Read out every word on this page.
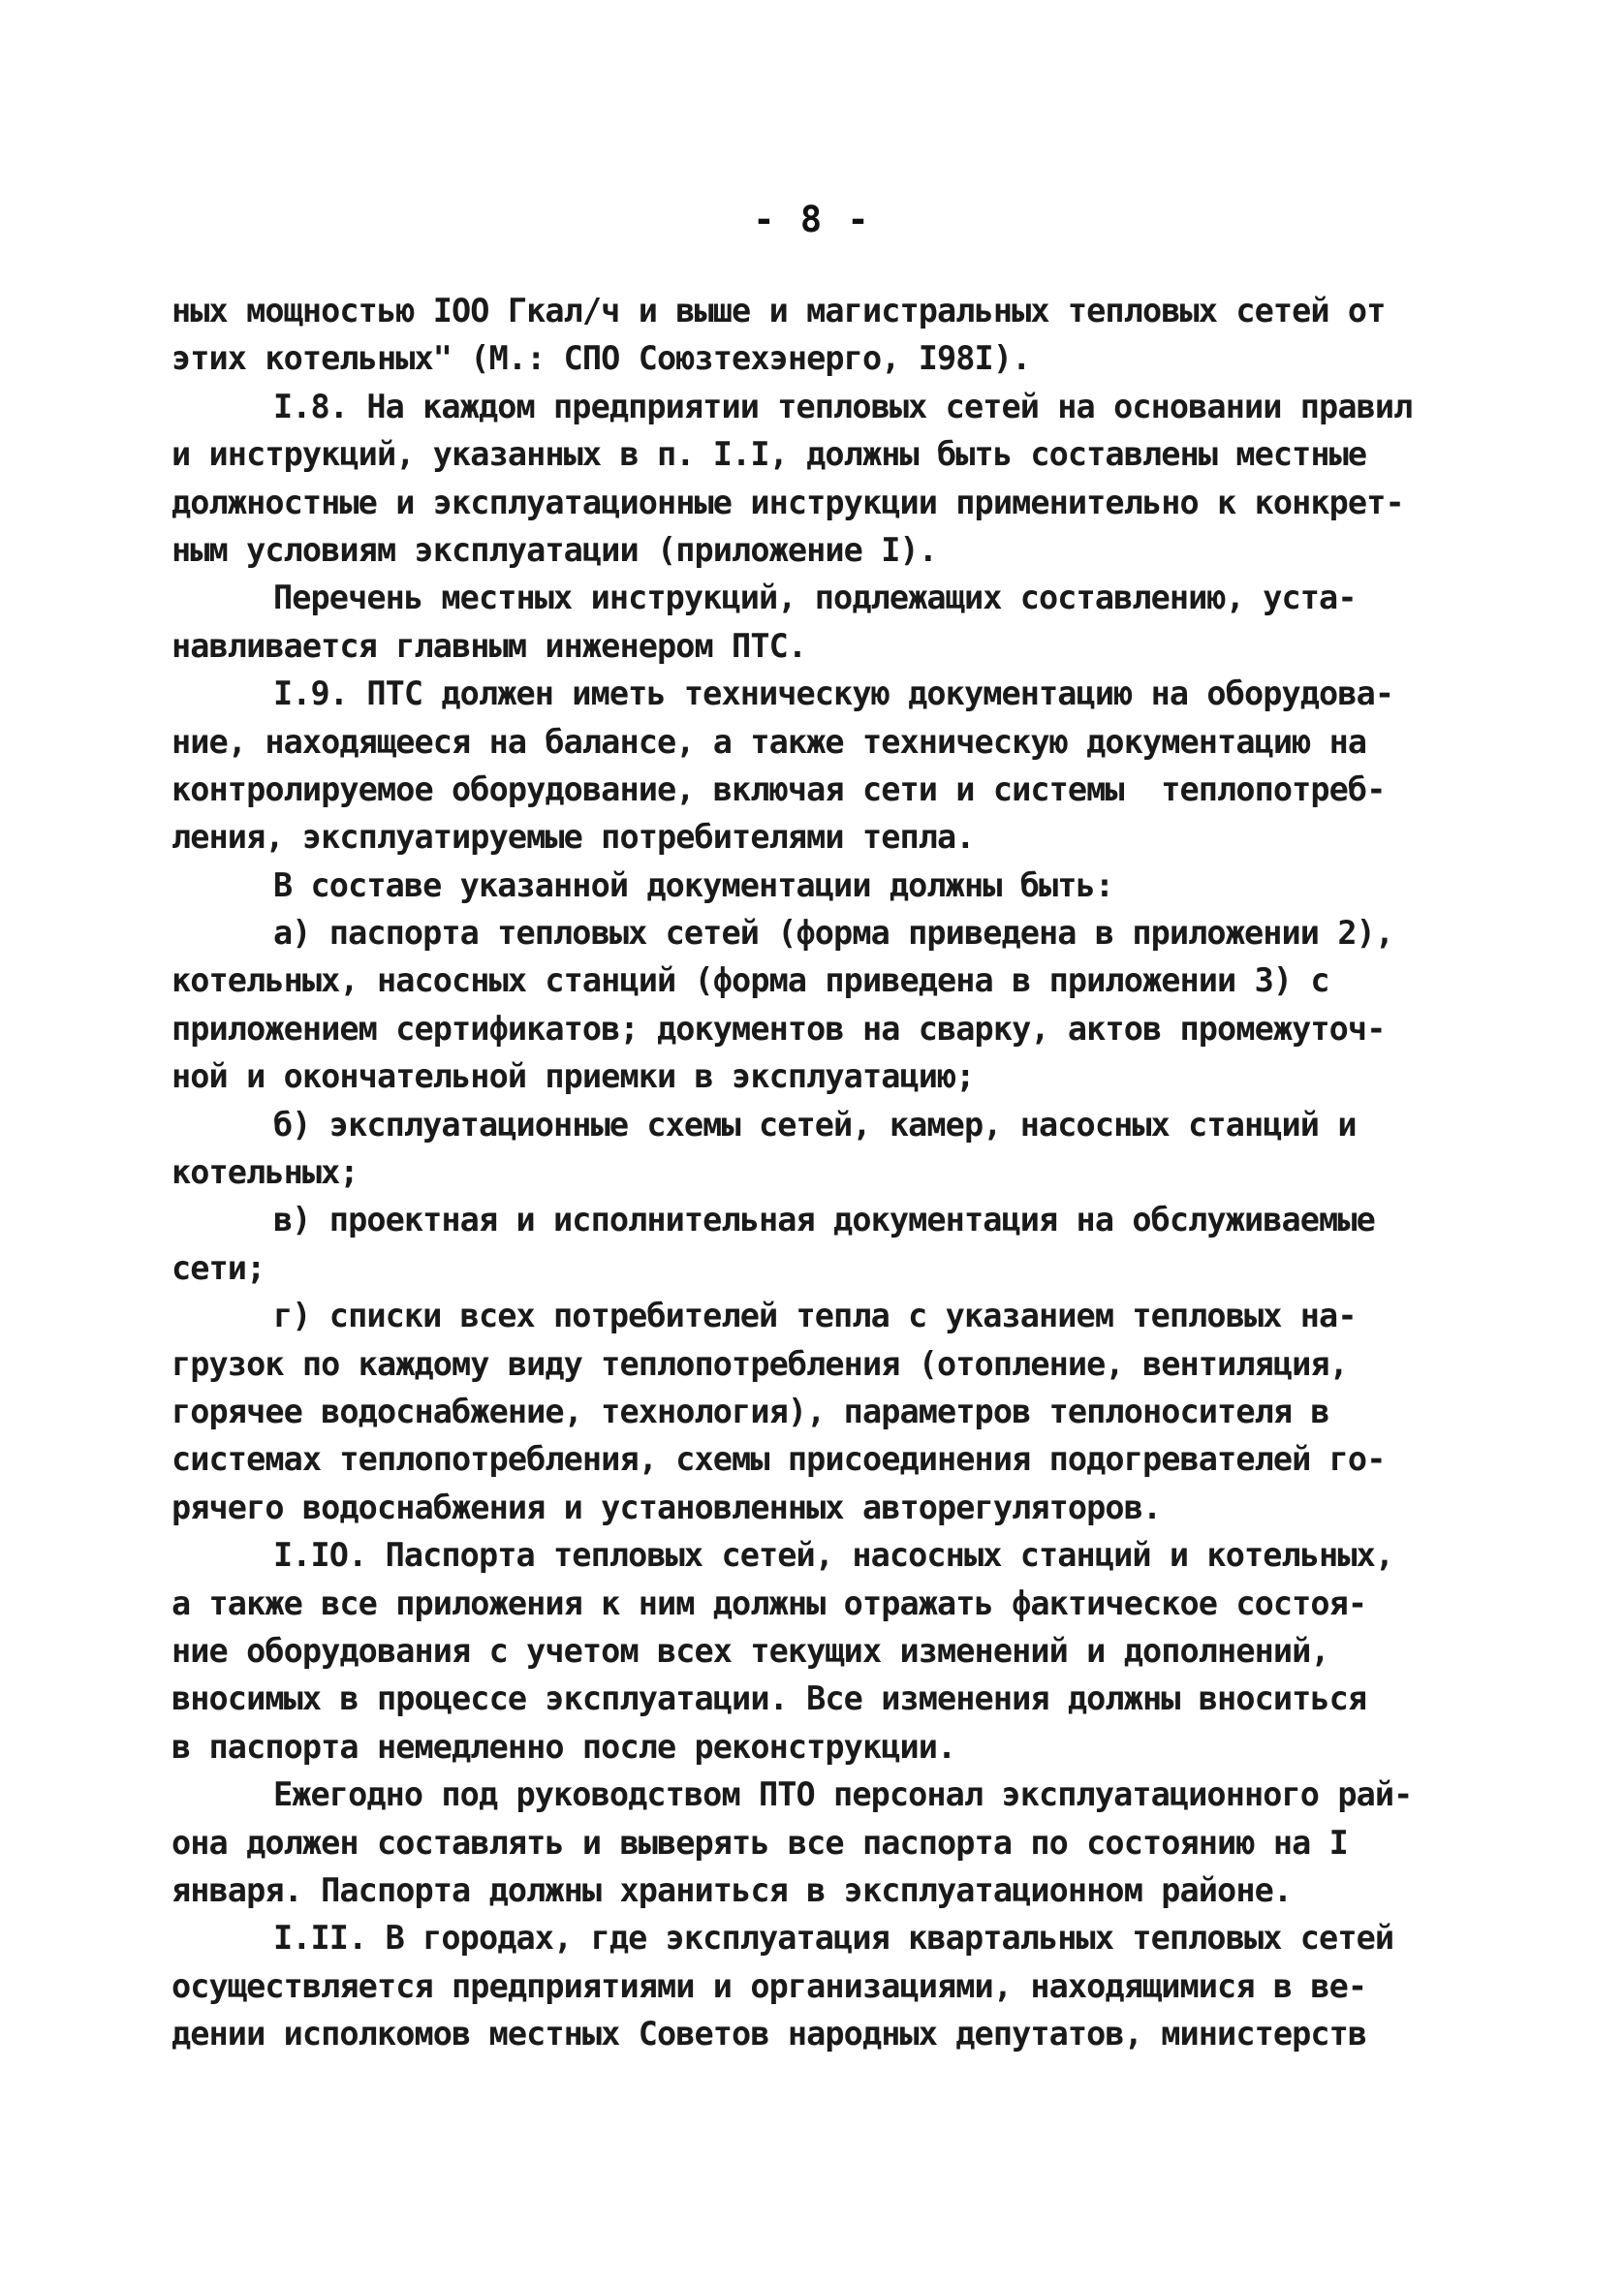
- 8 -
ных мощностью IOO Гкал/ч и выше и магистральных тепловых сетей от
этих котельных" (М.: СПО Союзтехэнерго, I98I).
I.8. На каждом предприятии тепловых сетей на основании правил
и инструкций, указанных в п. I.I, должны быть составлены местные
должностные и эксплуатационные инструкции применительно к конкрет-
ным условиям эксплуатации (приложение I).
Перечень местных инструкций, подлежащих составлению, уста-
навливается главным инженером ПТС.
I.9. ПТС должен иметь техническую документацию на оборудова-
ние, находящееся на балансе, а также техническую документацию на
контролируемое оборудование, включая сети и системы  теплопотреб-
ления, эксплуатируемые потребителями тепла.
В составе указанной документации должны быть:
а) паспорта тепловых сетей (форма приведена в приложении 2),
котельных, насосных станций (форма приведена в приложении 3) с
приложением сертификатов; документов на сварку, актов промежуточ-
ной и окончательной приемки в эксплуатацию;
б) эксплуатационные схемы сетей, камер, насосных станций и
котельных;
в) проектная и исполнительная документация на обслуживаемые
сети;
г) списки всех потребителей тепла с указанием тепловых на-
грузок по каждому виду теплопотребления (отопление, вентиляция,
горячее водоснабжение, технология), параметров теплоносителя в
системах теплопотребления, схемы присоединения подогревателей го-
рячего водоснабжения и установленных авторегуляторов.
I.IO. Паспорта тепловых сетей, насосных станций и котельных,
а также все приложения к ним должны отражать фактическое состоя-
ние оборудования с учетом всех текущих изменений и дополнений,
вносимых в процессе эксплуатации. Все изменения должны вноситься
в паспорта немедленно после реконструкции.
Ежегодно под руководством ПТО персонал эксплуатационного рай-
она должен составлять и выверять все паспорта по состоянию на I
января. Паспорта должны храниться в эксплуатационном районе.
I.II. В городах, где эксплуатация квартальных тепловых сетей
осуществляется предприятиями и организациями, находящимися в ве-
дении исполкомов местных Советов народных депутатов, министерств
